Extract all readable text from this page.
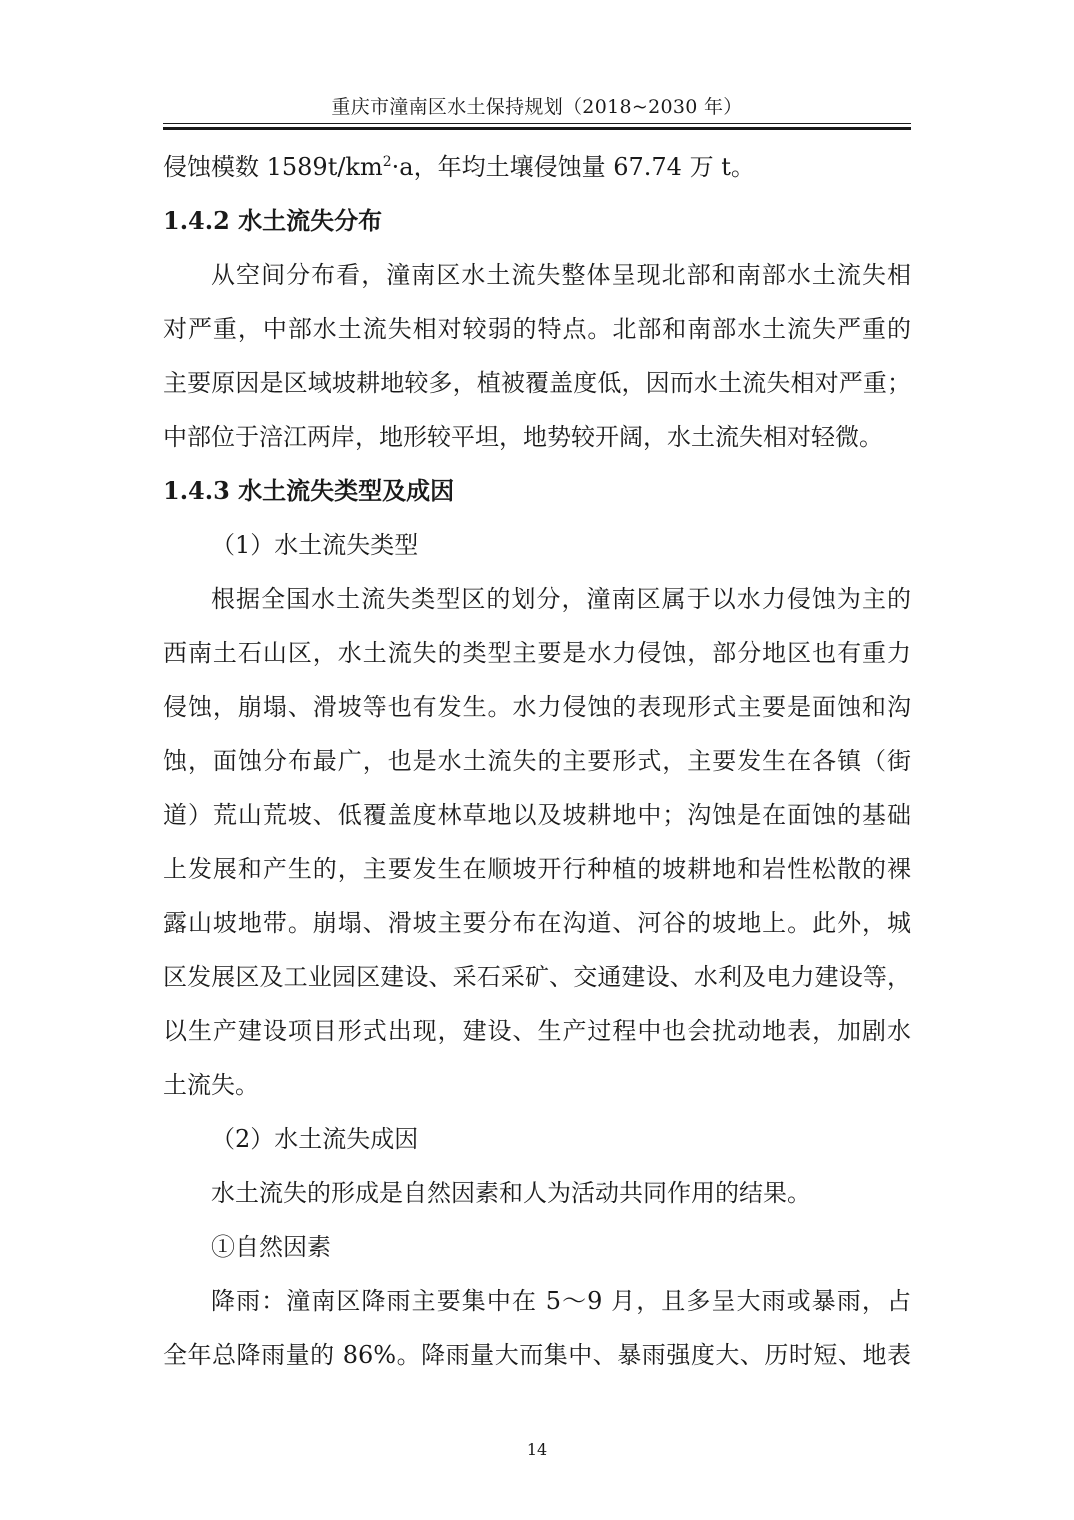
重庆市潼南区水土保持规划（2018~2030 年）
侵蚀模数 $1589t/km^2\cdot a$，年均土壤侵蚀量 67.74 万 t。
1.4.2 水土流失分布
从空间分布看，潼南区水土流失整体呈现北部和南部水土流失相
对严重，中部水土流失相对较弱的特点。北部和南部水土流失严重的
主要原因是区域坡耕地较多，植被覆盖度低，因而水土流失相对严重；
中部位于涪江两岸，地形较平坦，地势较开阔，水土流失相对轻微。
1.4.3 水土流失类型及成因
（1）水土流失类型
根据全国水土流失类型区的划分，潼南区属于以水力侵蚀为主的
西南土石山区，水土流失的类型主要是水力侵蚀，部分地区也有重力
侵蚀，崩塌、滑坡等也有发生。水力侵蚀的表现形式主要是面蚀和沟
蚀，面蚀分布最广，也是水土流失的主要形式，主要发生在各镇（街
道）荒山荒坡、低覆盖度林草地以及坡耕地中；沟蚀是在面蚀的基础
上发展和产生的，主要发生在顺坡开行种植的坡耕地和岩性松散的裸
露山坡地带。崩塌、滑坡主要分布在沟道、河谷的坡地上。此外，城
区发展区及工业园区建设、采石采矿、交通建设、水利及电力建设等，
以生产建设项目形式出现，建设、生产过程中也会扰动地表，加剧水
土流失。
（2）水土流失成因
水土流失的形成是自然因素和人为活动共同作用的结果。
①自然因素
降雨：潼南区降雨主要集中在 5～9 月，且多呈大雨或暴雨，占
全年总降雨量的 86%。降雨量大而集中、暴雨强度大、历时短、地表
14
